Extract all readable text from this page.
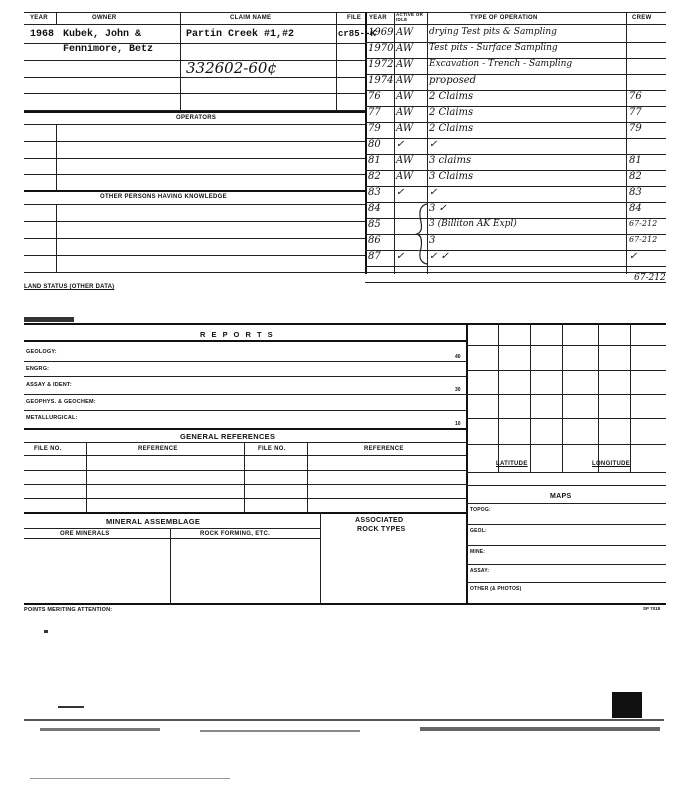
YEAR	OWNER	CLAIM NAME	FILE YEAR
ACTIVE OR IDLE	TYPE OF OPERATION	CREW
1968 Kubek, John &
Fennimore, Betz
Partin Creek #1,#2	cr85--K
332602-60¢
OPERATORS
OTHER PERSONS HAVING KNOWLEDGE
1969 AW drying Test pits & Sampling
1970 AW Test pits - Surface Sampling
1972 AW Excavation - Trench - Sampling
1974 AW proposed
76 AW 2 Claims	76
77 AW 2 Claims	77
79 AW 2 Claims	79
80 ✓ ✓
81 AW 3 claims	81
82 AW 3 Claims	82
83 ✓ ✓	83
84	3 ✓	84
85	3 (Billiton AK Expl)	67-212
86	3	67-212
87 ✓ ✓ ✓	✓
LAND STATUS (OTHER DATA)
67-212
R E P O R T S
GEOLOGY:
40
ENGRG:
ASSAY & IDENT:
30
GEOPHYS. & GEOCHEM:
METALLURGICAL:
10
GENERAL REFERENCES
FILE NO.	REFERENCE	FILE NO.	REFERENCE
MINERAL ASSEMBLAGE	ASSOCIATED
ROCK TYPES
ORE MINERALS	ROCK FORMING, ETC.
LATITUDE	LONGITUDE
MAPS
TOPOG:
GEOL:
MINE:
ASSAY:
OTHER (& PHOTOS)
POINTS MERITING ATTENTION:	SP 7018
